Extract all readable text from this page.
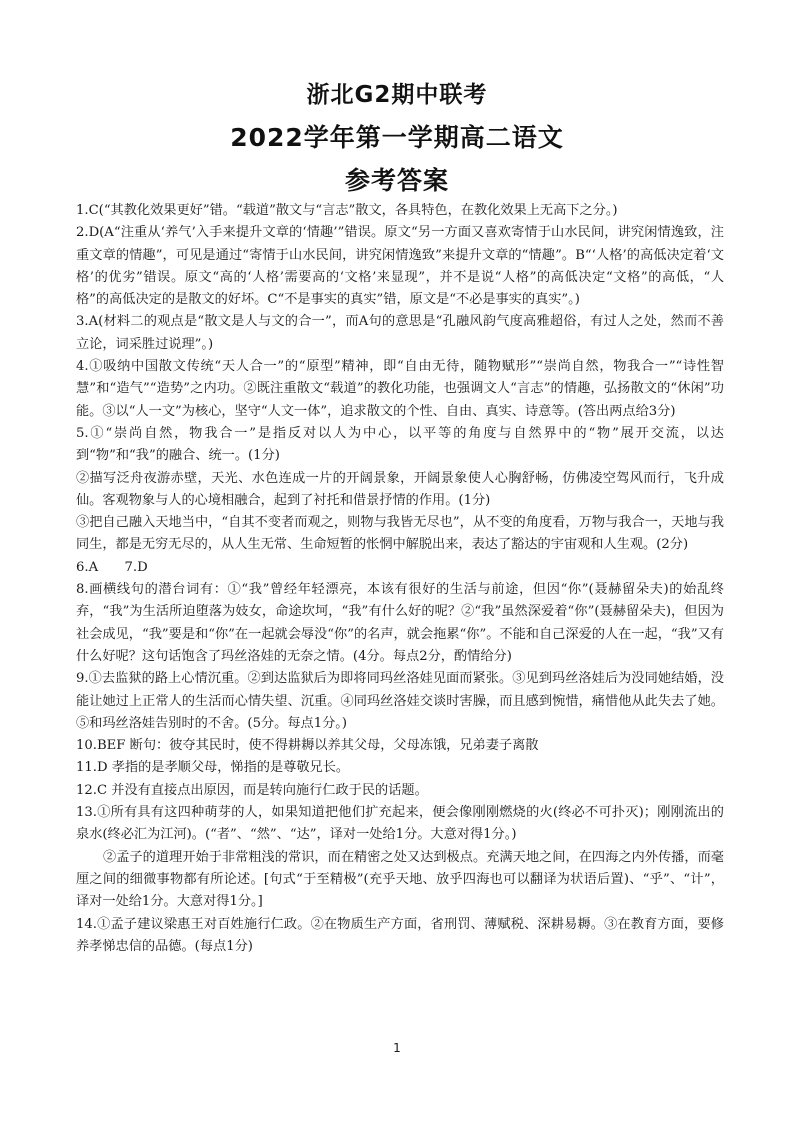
浙北G2期中联考
2022学年第一学期高二语文
参考答案

1.C(“其教化效果更好”错。“载道”散文与“言志”散文，各具特色，在教化效果上无高下之分。)

2.D(A“注重从‘养气’入手来提升文章的‘情趣’”错误。原文“另一方面又喜欢寄情于山水民间，讲究闲情逸致，注重文章的情趣”，可见是通过“寄情于山水民间，讲究闲情逸致”来提升文章的“情趣”。B“‘人格’的高低决定着‘文格’的优劣”错误。原文“高的‘人格’需要高的‘文格’来显现”，并不是说“人格”的高低决定“文格”的高低，“人格”的高低决定的是散文的好坏。C“不是事实的真实”错，原文是“不必是事实的真实”。)

3.A(材料二的观点是“散文是人与文的合一”，而A句的意思是“孔融风韵气度高雅超俗，有过人之处，然而不善立论，词采胜过说理”。)

4.①吸纳中国散文传统“天人合一”的“原型”精神，即“自由无待，随物赋形”“崇尚自然，物我合一”“诗性智慧”和“造气”“造势”之内功。②既注重散文“载道”的教化功能，也强调文人“言志”的情趣，弘扬散文的“休闲”功能。③以“人一文”为核心，坚守“人文一体”，追求散文的个性、自由、真实、诗意等。(答出两点给3分)

5.①“崇尚自然，物我合一”是指反对以人为中心，以平等的角度与自然界中的“物”展开交流，以达到“物”和“我”的融合、统一。(1分)

②描写泛舟夜游赤壁，天光、水色连成一片的开阔景象，开阔景象使人心胸舒畅，仿佛凌空驾风而行，飞升成仙。客观物象与人的心境相融合，起到了衬托和借景抒情的作用。(1分)

③把自己融入天地当中，“自其不变者而观之，则物与我皆无尽也”，从不变的角度看，万物与我合一，天地与我同生，都是无穷无尽的，从人生无常、生命短暂的怅惘中解脱出来，表达了豁达的宇宙观和人生观。(2分)

6.A　　7.D

8.画横线句的潜台词有：①“我”曾经年轻漂亮，本该有很好的生活与前途，但因“你”(聂赫留朵夫)的始乱终弃，“我”为生活所迫堕落为妓女，命途坎坷，“我”有什么好的呢？②“我”虽然深爱着“你”(聂赫留朵夫)，但因为社会成见，“我”要是和“你”在一起就会辱没“你”的名声，就会拖累“你”。不能和自己深爱的人在一起，“我”又有什么好呢？这句话饱含了玛丝洛娃的无奈之情。(4分。每点2分，酌情给分)

9.①去监狱的路上心情沉重。②到达监狱后为即将同玛丝洛娃见面而紧张。③见到玛丝洛娃后为没同她结婚，没能让她过上正常人的生活而心情失望、沉重。④同玛丝洛娃交谈时害臊，而且感到惋惜，痛惜他从此失去了她。⑤和玛丝洛娃告别时的不舍。(5分。每点1分。)

10.BEF 断句：彼夺其民时，使不得耕耨以养其父母，父母冻饿，兄弟妻子离散

11.D 孝指的是孝顺父母，悌指的是尊敬兄长。

12.C 并没有直接点出原因，而是转向施行仁政于民的话题。

13.①所有具有这四种萌芽的人，如果知道把他们扩充起来，便会像刚刚燃烧的火(终必不可扑灭)；刚刚流出的泉水(终必汇为江河)。(“者”、“然”、“达”，译对一处给1分。大意对得1分。)

②孟子的道理开始于非常粗浅的常识，而在精密之处又达到极点。充满天地之间，在四海之内外传播，而毫厘之间的细微事物都有所论述。[句式“于至精极”(充乎天地、放乎四海也可以翻译为状语后置)、“乎”、“计”，译对一处给1分。大意对得1分。]

14.①孟子建议梁惠王对百姓施行仁政。②在物质生产方面，省刑罚、薄赋税、深耕易耨。③在教育方面，要修养孝悌忠信的品德。(每点1分)

1
